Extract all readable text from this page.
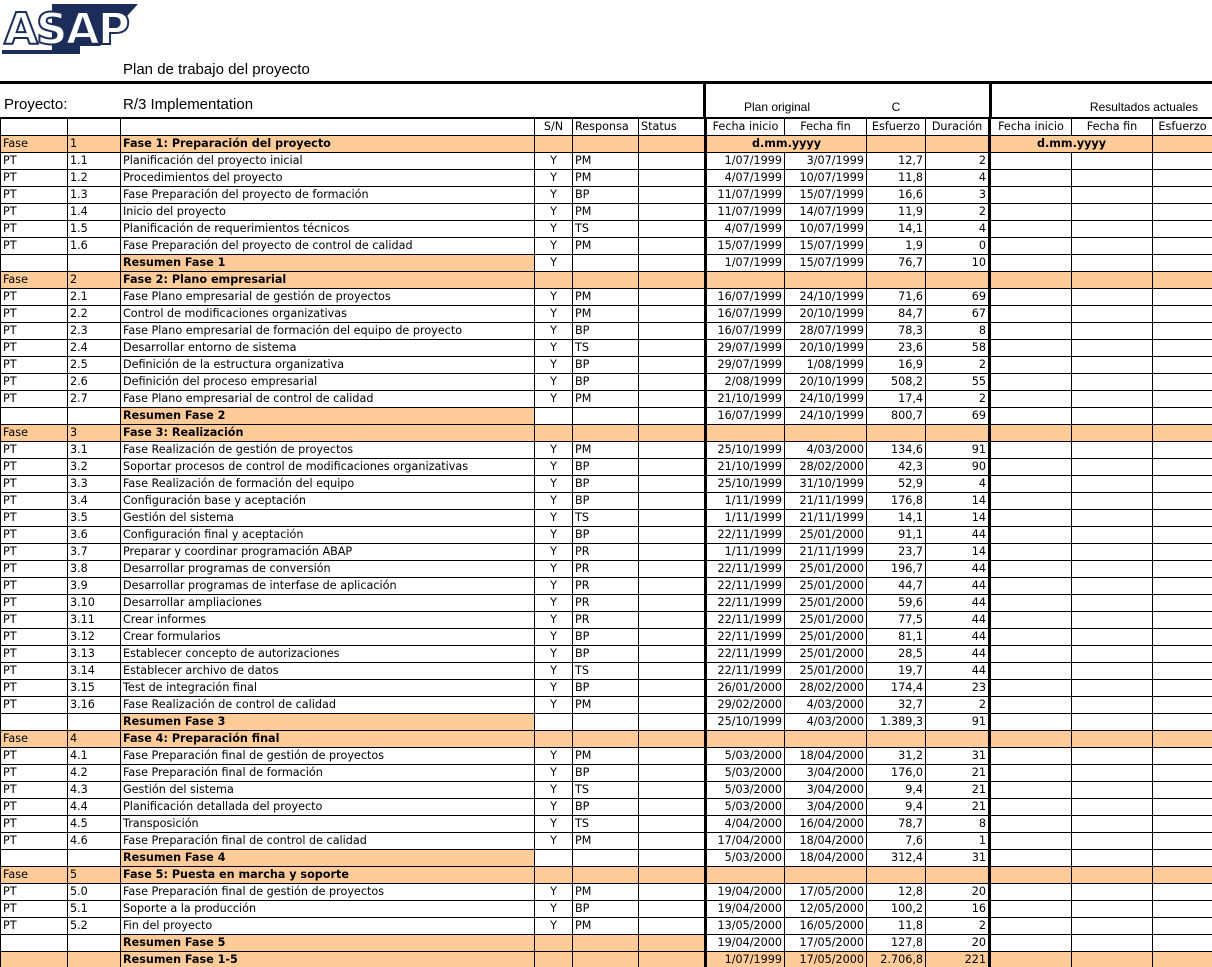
ASAP
Plan de trabajo del proyecto
Proyecto:	R/3 Implementation	Plan original	C	Resultados actuales
			S/N	Responsa	Status	Fecha inicio	Fecha fin	Esfuerzo	Duración	Fecha inicio	Fecha fin	Esfuerzo
Fase	1	Fase 1: Preparación del proyecto				d.mm.yyyy				d.mm.yyyy		
PT	1.1	Planificación del proyecto inicial	Y	PM		1/07/1999	3/07/1999	12,7	2			
PT	1.2	Procedimientos del proyecto	Y	PM		4/07/1999	10/07/1999	11,8	4			
PT	1.3	Fase Preparación del proyecto de formación	Y	BP		11/07/1999	15/07/1999	16,6	3			
PT	1.4	Inicio del proyecto	Y	PM		11/07/1999	14/07/1999	11,9	2			
PT	1.5	Planificación de requerimientos técnicos	Y	TS		4/07/1999	10/07/1999	14,1	4			
PT	1.6	Fase Preparación del proyecto de control de calidad	Y	PM		15/07/1999	15/07/1999	1,9	0			
		Resumen Fase 1	Y			1/07/1999	15/07/1999	76,7	10			
Fase	2	Fase 2: Plano empresarial										
PT	2.1	Fase Plano empresarial de gestión de proyectos	Y	PM		16/07/1999	24/10/1999	71,6	69			
PT	2.2	Control de modificaciones organizativas	Y	PM		16/07/1999	20/10/1999	84,7	67			
PT	2.3	Fase Plano empresarial de formación del equipo de proyecto	Y	BP		16/07/1999	28/07/1999	78,3	8			
PT	2.4	Desarrollar entorno de sistema	Y	TS		29/07/1999	20/10/1999	23,6	58			
PT	2.5	Definición de la estructura organizativa	Y	BP		29/07/1999	1/08/1999	16,9	2			
PT	2.6	Definición del proceso empresarial	Y	BP		2/08/1999	20/10/1999	508,2	55			
PT	2.7	Fase Plano empresarial de control de calidad	Y	PM		21/10/1999	24/10/1999	17,4	2			
		Resumen Fase 2				16/07/1999	24/10/1999	800,7	69			
Fase	3	Fase 3: Realización										
PT	3.1	Fase Realización de gestión de proyectos	Y	PM		25/10/1999	4/03/2000	134,6	91			
PT	3.2	Soportar procesos de control de modificaciones organizativas	Y	BP		21/10/1999	28/02/2000	42,3	90			
PT	3.3	Fase Realización de formación del equipo	Y	BP		25/10/1999	31/10/1999	52,9	4			
PT	3.4	Configuración base y aceptación	Y	BP		1/11/1999	21/11/1999	176,8	14			
PT	3.5	Gestión del sistema	Y	TS		1/11/1999	21/11/1999	14,1	14			
PT	3.6	Configuración final y aceptación	Y	BP		22/11/1999	25/01/2000	91,1	44			
PT	3.7	Preparar y coordinar programación ABAP	Y	PR		1/11/1999	21/11/1999	23,7	14			
PT	3.8	Desarrollar programas de conversión	Y	PR		22/11/1999	25/01/2000	196,7	44			
PT	3.9	Desarrollar programas de interfase de aplicación	Y	PR		22/11/1999	25/01/2000	44,7	44			
PT	3.10	Desarrollar ampliaciones	Y	PR		22/11/1999	25/01/2000	59,6	44			
PT	3.11	Crear informes	Y	PR		22/11/1999	25/01/2000	77,5	44			
PT	3.12	Crear formularios	Y	BP		22/11/1999	25/01/2000	81,1	44			
PT	3.13	Establecer concepto de autorizaciones	Y	BP		22/11/1999	25/01/2000	28,5	44			
PT	3.14	Establecer archivo de datos	Y	TS		22/11/1999	25/01/2000	19,7	44			
PT	3.15	Test de integración final	Y	BP		26/01/2000	28/02/2000	174,4	23			
PT	3.16	Fase Realización de control de calidad	Y	PM		29/02/2000	4/03/2000	32,7	2			
		Resumen Fase 3				25/10/1999	4/03/2000	1.389,3	91			
Fase	4	Fase 4: Preparación final										
PT	4.1	Fase Preparación final de gestión de proyectos	Y	PM		5/03/2000	18/04/2000	31,2	31			
PT	4.2	Fase Preparación final de formación	Y	BP		5/03/2000	3/04/2000	176,0	21			
PT	4.3	Gestión del sistema	Y	TS		5/03/2000	3/04/2000	9,4	21			
PT	4.4	Planificación detallada del proyecto	Y	BP		5/03/2000	3/04/2000	9,4	21			
PT	4.5	Transposición	Y	TS		4/04/2000	16/04/2000	78,7	8			
PT	4.6	Fase Preparación final de control de calidad	Y	PM		17/04/2000	18/04/2000	7,6	1			
		Resumen Fase 4				5/03/2000	18/04/2000	312,4	31			
Fase	5	Fase 5: Puesta en marcha y soporte										
PT	5.0	Fase Preparación final de gestión de proyectos	Y	PM		19/04/2000	17/05/2000	12,8	20			
PT	5.1	Soporte a la producción	Y	BP		19/04/2000	12/05/2000	100,2	16			
PT	5.2	Fin del proyecto	Y	PM		13/05/2000	16/05/2000	11,8	2			
		Resumen Fase 5				19/04/2000	17/05/2000	127,8	20			
		Resumen Fase 1-5				1/07/1999	17/05/2000	2.706,8	221			
